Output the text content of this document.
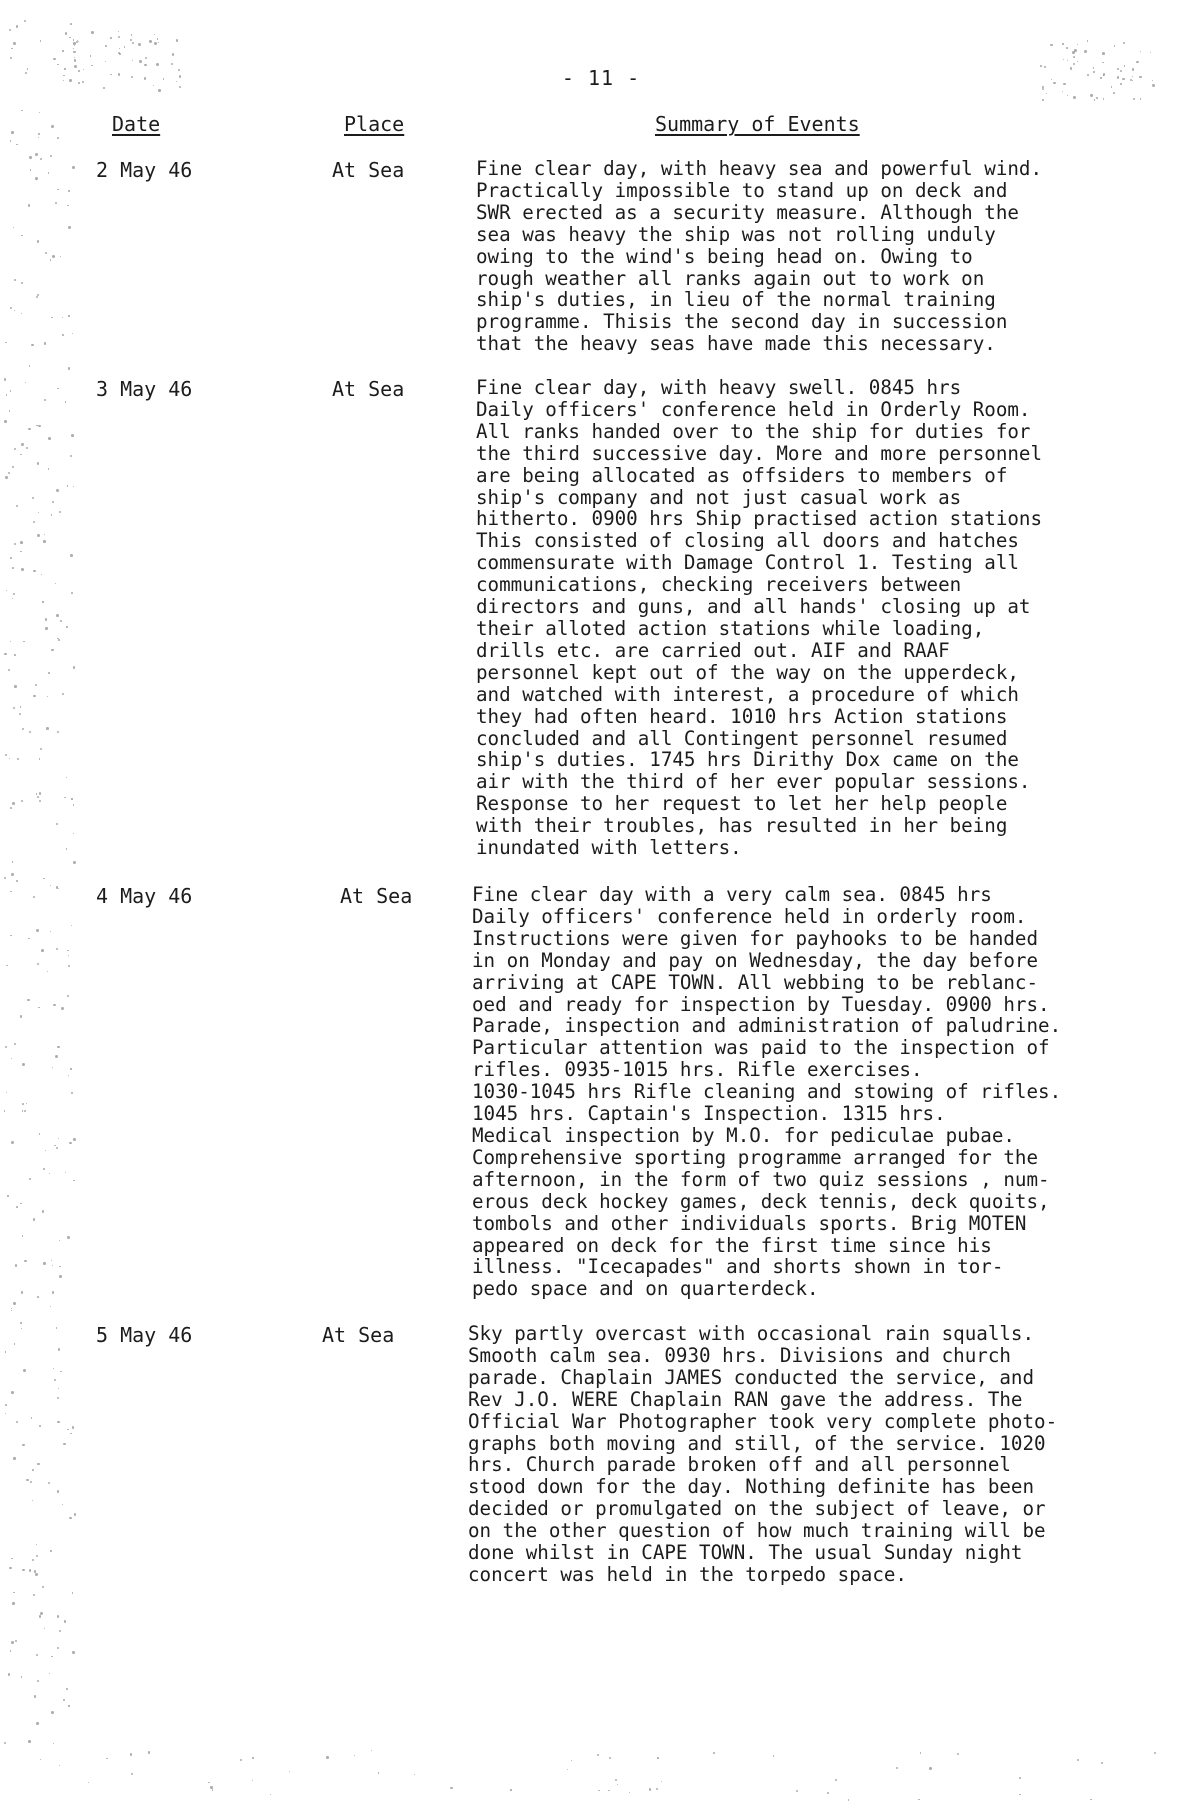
- 11 -
Date	Place	Summary of Events
2 May 46	At Sea	Fine clear day, with heavy sea and powerful wind.
Practically impossible to stand up on deck and
SWR erected as a security measure. Although the
sea was heavy the ship was not rolling unduly
owing to the wind's being head on. Owing to
rough weather all ranks again out to work on
ship's duties, in lieu of the normal training
programme. Thisis the second day in succession
that the heavy seas have made this necessary.
3 May 46	At Sea	Fine clear day, with heavy swell. 0845 hrs
Daily officers' conference held in Orderly Room.
All ranks handed over to the ship for duties for
the third successive day. More and more personnel
are being allocated as offsiders to members of
ship's company and not just casual work as
hitherto. 0900 hrs Ship practised action stations
This consisted of closing all doors and hatches
commensurate with Damage Control 1. Testing all
communications, checking receivers between
directors and guns, and all hands' closing up at
their alloted action stations while loading,
drills etc. are carried out. AIF and RAAF
personnel kept out of the way on the upperdeck,
and watched with interest, a procedure of which
they had often heard. 1010 hrs Action stations
concluded and all Contingent personnel resumed
ship's duties. 1745 hrs Dirithy Dox came on the
air with the third of her ever popular sessions.
Response to her request to let her help people
with their troubles, has resulted in her being
inundated with letters.
4 May 46	At Sea	Fine clear day with a very calm sea. 0845 hrs
Daily officers' conference held in orderly room.
Instructions were given for payhooks to be handed
in on Monday and pay on Wednesday, the day before
arriving at CAPE TOWN. All webbing to be reblanc-
oed and ready for inspection by Tuesday. 0900 hrs.
Parade, inspection and administration of paludrine.
Particular attention was paid to the inspection of
rifles. 0935-1015 hrs. Rifle exercises.
1030-1045 hrs Rifle cleaning and stowing of rifles.
1045 hrs. Captain's Inspection. 1315 hrs.
Medical inspection by M.O. for pediculae pubae.
Comprehensive sporting programme arranged for the
afternoon, in the form of two quiz sessions , num-
erous deck hockey games, deck tennis, deck quoits,
tombols and other individuals sports. Brig MOTEN
appeared on deck for the first time since his
illness. "Icecapades" and shorts shown in tor-
pedo space and on quarterdeck.
5 May 46	At Sea	Sky partly overcast with occasional rain squalls.
Smooth calm sea. 0930 hrs. Divisions and church
parade. Chaplain JAMES conducted the service, and
Rev J.O. WERE Chaplain RAN gave the address. The
Official War Photographer took very complete photo-
graphs both moving and still, of the service. 1020
hrs. Church parade broken off and all personnel
stood down for the day. Nothing definite has been
decided or promulgated on the subject of leave, or
on the other question of how much training will be
done whilst in CAPE TOWN. The usual Sunday night
concert was held in the torpedo space.
